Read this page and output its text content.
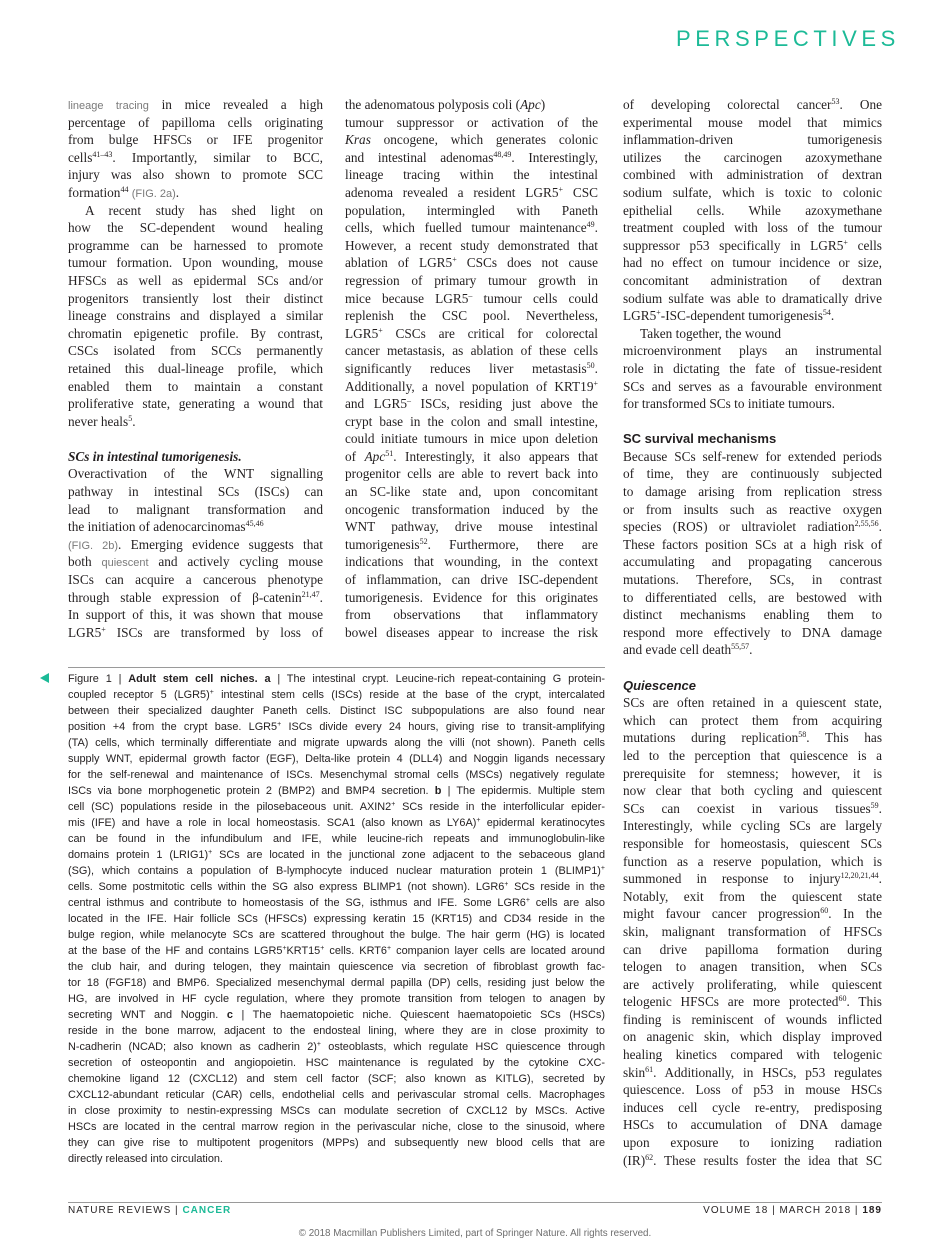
PERSPECTIVES
lineage tracing in mice revealed a high
percentage of papilloma cells originating
from bulge HFSCs or IFE progenitor
cells$^{41-43}$. Importantly, similar to BCC,
injury was also shown to promote SCC
formation$^{44}$ (FIG. 2a).
A recent study has shed light on
how the SC-dependent wound healing
programme can be harnessed to promote
tumour formation. Upon wounding, mouse
HFSCs as well as epidermal SCs and/or
progenitors transiently lost their distinct
lineage constrains and displayed a similar
chromatin epigenetic profile. By contrast,
CSCs isolated from SCCs permanently
retained this dual-lineage profile, which
enabled them to maintain a constant
proliferative state, generating a wound that
never heals$^5$.
SCs in intestinal tumorigenesis.
Overactivation of the WNT signalling
pathway in intestinal SCs (ISCs) can
lead to malignant transformation and
the initiation of adenocarcinomas$^{45,46}$
(FIG. 2b). Emerging evidence suggests that
both quiescent and actively cycling mouse
ISCs can acquire a cancerous phenotype
through stable expression of β-catenin$^{21,47}$.
In support of this, it was shown that mouse
LGR5+ ISCs are transformed by loss of
the adenomatous polyposis coli (Apc)
tumour suppressor or activation of the
Kras oncogene, which generates colonic
and intestinal adenomas$^{48,49}$. Interestingly,
lineage tracing within the intestinal
adenoma revealed a resident LGR5+ CSC
population, intermingled with Paneth
cells, which fuelled tumour maintenance$^{49}$.
However, a recent study demonstrated that
ablation of LGR5+ CSCs does not cause
regression of primary tumour growth in
mice because LGR5– tumour cells could
replenish the CSC pool. Nevertheless,
LGR5+ CSCs are critical for colorectal
cancer metastasis, as ablation of these cells
significantly reduces liver metastasis$^{50}$.
Additionally, a novel population of KRT19+
and LGR5– ISCs, residing just above the
crypt base in the colon and small intestine,
could initiate tumours in mice upon deletion
of Apc$^{51}$. Interestingly, it also appears that
progenitor cells are able to revert back into
an SC-like state and, upon concomitant
oncogenic transformation induced by the
WNT pathway, drive mouse intestinal
tumorigenesis$^{52}$. Furthermore, there are
indications that wounding, in the context
of inflammation, can drive ISC-dependent
tumorigenesis. Evidence for this originates
from observations that inflammatory
bowel diseases appear to increase the risk
of developing colorectal cancer$^{53}$. One
experimental mouse model that mimics
inflammation-driven tumorigenesis
utilizes the carcinogen azoxymethane
combined with administration of dextran
sodium sulfate, which is toxic to colonic
epithelial cells. While azoxymethane
treatment coupled with loss of the tumour
suppressor p53 specifically in LGR5+ cells
had no effect on tumour incidence or size,
concomitant administration of dextran
sodium sulfate was able to dramatically drive
LGR5+-ISC-dependent tumorigenesis$^{54}$.
Taken together, the wound
microenvironment plays an instrumental
role in dictating the fate of tissue-resident
SCs and serves as a favourable environment
for transformed SCs to initiate tumours.
SC survival mechanisms
Because SCs self-renew for extended periods
of time, they are continuously subjected
to damage arising from replication stress
or from insults such as reactive oxygen
species (ROS) or ultraviolet radiation$^{2,55,56}$.
These factors position SCs at a high risk of
accumulating and propagating cancerous
mutations. Therefore, SCs, in contrast
to differentiated cells, are bestowed with
distinct mechanisms enabling them to
respond more effectively to DNA damage
and evade cell death$^{55,57}$.
Quiescence
SCs are often retained in a quiescent state,
which can protect them from acquiring
mutations during replication$^{58}$. This has
led to the perception that quiescence is a
prerequisite for stemness; however, it is
now clear that both cycling and quiescent
SCs can coexist in various tissues$^{59}$.
Interestingly, while cycling SCs are largely
responsible for homeostasis, quiescent SCs
function as a reserve population, which is
summoned in response to injury$^{12,20,21,44}$.
Notably, exit from the quiescent state
might favour cancer progression$^{60}$. In the
skin, malignant transformation of HFSCs
can drive papilloma formation during
telogen to anagen transition, when SCs
are actively proliferating, while quiescent
telogenic HFSCs are more protected$^{60}$. This
finding is reminiscent of wounds inflicted
on anagenic skin, which display improved
healing kinetics compared with telogenic
skin$^{61}$. Additionally, in HSCs, p53 regulates
quiescence. Loss of p53 in mouse HSCs
induces cell cycle re-entry, predisposing
HSCs to accumulation of DNA damage
upon exposure to ionizing radiation
(IR)$^{62}$. These results foster the idea that SC
Figure 1 | Adult stem cell niches. a | The intestinal crypt. Leucine-rich repeat-containing G protein-
coupled receptor 5 (LGR5)+ intestinal stem cells (ISCs) reside at the base of the crypt, intercalated
between their specialized daughter Paneth cells. Distinct ISC subpopulations are also found near
position +4 from the crypt base. LGR5+ ISCs divide every 24 hours, giving rise to transit-amplifying
(TA) cells, which terminally differentiate and migrate upwards along the villi (not shown). Paneth cells
supply WNT, epidermal growth factor (EGF), Delta-like protein 4 (DLL4) and Noggin ligands necessary
for the self-renewal and maintenance of ISCs. Mesenchymal stromal cells (MSCs) negatively regulate
ISCs via bone morphogenetic protein 2 (BMP2) and BMP4 secretion. b | The epidermis. Multiple stem
cell (SC) populations reside in the pilosebaceous unit. AXIN2+ SCs reside in the interfollicular epider-
mis (IFE) and have a role in local homeostasis. SCA1 (also known as LY6A)+ epidermal keratinocytes
can be found in the infundibulum and IFE, while leucine-rich repeats and immunoglobulin-like
domains protein 1 (LRIG1)+ SCs are located in the junctional zone adjacent to the sebaceous gland
(SG), which contains a population of B-lymphocyte induced nuclear maturation protein 1 (BLIMP1)+
cells. Some postmitotic cells within the SG also express BLIMP1 (not shown). LGR6+ SCs reside in the
central isthmus and contribute to homeostasis of the SG, isthmus and IFE. Some LGR6+ cells are also
located in the IFE. Hair follicle SCs (HFSCs) expressing keratin 15 (KRT15) and CD34 reside in the
bulge region, while melanocyte SCs are scattered throughout the bulge. The hair germ (HG) is located
at the base of the HF and contains LGR5+KRT15+ cells. KRT6+ companion layer cells are located around
the club hair, and during telogen, they maintain quiescence via secretion of fibroblast growth fac-
tor 18 (FGF18) and BMP6. Specialized mesenchymal dermal papilla (DP) cells, residing just below the
HG, are involved in HF cycle regulation, where they promote transition from telogen to anagen by
secreting WNT and Noggin. c | The haematopoietic niche. Quiescent haematopoietic SCs (HSCs)
reside in the bone marrow, adjacent to the endosteal lining, where they are in close proximity to
N-cadherin (NCAD; also known as cadherin 2)+ osteoblasts, which regulate HSC quiescence through
secretion of osteopontin and angiopoietin. HSC maintenance is regulated by the cytokine CXC-
chemokine ligand 12 (CXCL12) and stem cell factor (SCF; also known as KITLG), secreted by
CXCL12-abundant reticular (CAR) cells, endothelial cells and perivascular stromal cells. Macrophages
in close proximity to nestin-expressing MSCs can modulate secretion of CXCL12 by MSCs. Active
HSCs are located in the central marrow region in the perivascular niche, close to the sinusoid, where
they can give rise to multipotent progenitors (MPPs) and subsequently new blood cells that are
directly released into circulation.
NATURE REVIEWS | CANCER	VOLUME 18 | MARCH 2018 | 189
© 2018 Macmillan Publishers Limited, part of Springer Nature. All rights reserved.
